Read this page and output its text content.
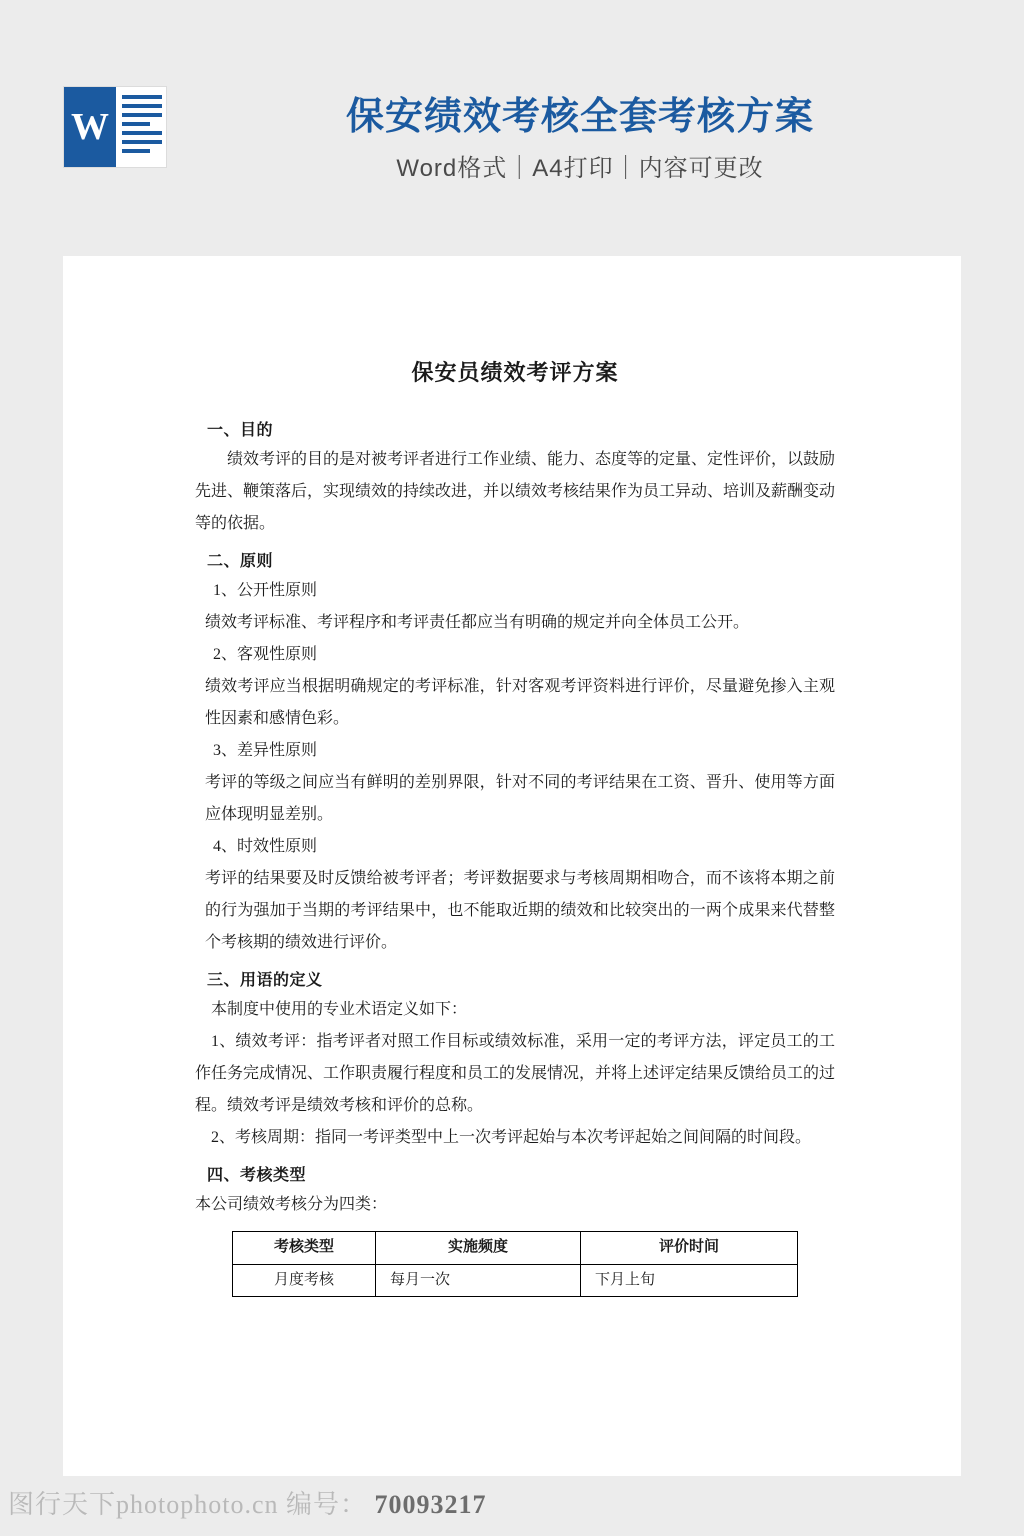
W	保安绩效考核全套考核方案
Word格式｜A4打印｜内容可更改
保安员绩效考评方案
一、目的

绩效考评的目的是对被考评者进行工作业绩、能力、态度等的定量、定性评价，以鼓励先进、鞭策落后，实现绩效的持续改进，并以绩效考核结果作为员工异动、培训及薪酬变动等的依据。

二、原则

1、公开性原则

绩效考评标准、考评程序和考评责任都应当有明确的规定并向全体员工公开。

2、客观性原则

绩效考评应当根据明确规定的考评标准，针对客观考评资料进行评价，尽量避免掺入主观性因素和感情色彩。

3、差异性原则

考评的等级之间应当有鲜明的差别界限，针对不同的考评结果在工资、晋升、使用等方面应体现明显差别。

4、时效性原则

考评的结果要及时反馈给被考评者；考评数据要求与考核周期相吻合，而不该将本期之前的行为强加于当期的考评结果中，也不能取近期的绩效和比较突出的一两个成果来代替整个考核期的绩效进行评价。

三、用语的定义

本制度中使用的专业术语定义如下：

1、绩效考评：指考评者对照工作目标或绩效标准，采用一定的考评方法，评定员工的工作任务完成情况、工作职责履行程度和员工的发展情况，并将上述评定结果反馈给员工的过程。绩效考评是绩效考核和评价的总称。

2、考核周期：指同一考评类型中上一次考评起始与本次考评起始之间间隔的时间段。

四、考核类型

本公司绩效考核分为四类：

考核类型	实施频度	评价时间
月度考核	每月一次	下月上旬
图行天下photophoto.cn 编号： 70093217
